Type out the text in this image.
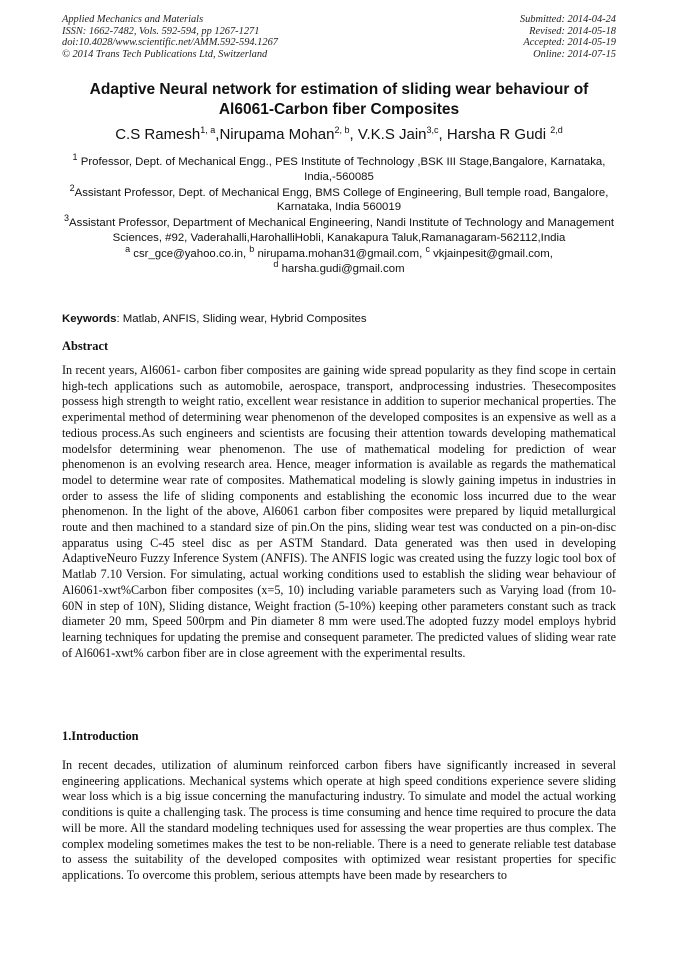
Applied Mechanics and Materials
ISSN: 1662-7482, Vols. 592-594, pp 1267-1271
doi:10.4028/www.scientific.net/AMM.592-594.1267
© 2014 Trans Tech Publications Ltd, Switzerland
Submitted: 2014-04-24
Revised: 2014-05-18
Accepted: 2014-05-19
Online: 2014-07-15
Adaptive Neural network for estimation of sliding wear behaviour of Al6061-Carbon fiber Composites
C.S Ramesh$^{1, a}$,Nirupama Mohan$^{2, b}$, V.K.S Jain$^{3,c}$, Harsha R Gudi $^{2,d}$

$^1$ Professor, Dept. of Mechanical Engg., PES Institute of Technology ,BSK III Stage,Bangalore, Karnataka, India,-560085

$^2$Assistant Professor, Dept. of Mechanical Engg, BMS College of Engineering, Bull temple road, Bangalore, Karnataka, India 560019

$^3$Assistant Professor, Department of Mechanical Engineering, Nandi Institute of Technology and Management Sciences, #92, Vaderahalli,HarohalliHobli, Kanakapura Taluk,Ramanagaram-562112,India

$^a$ csr_gce@yahoo.co.in, $^b$ nirupama.mohan31@gmail.com, $^c$ vkjainpesit@gmail.com,
$^d$ harsha.gudi@gmail.com

Keywords: Matlab, ANFIS, Sliding wear, Hybrid Composites
Abstract

In recent years, Al6061- carbon fiber composites are gaining wide spread popularity as they find scope in certain high-tech applications such as automobile, aerospace, transport, andprocessing industries. Thesecomposites possess high strength to weight ratio, excellent wear resistance in addition to superior mechanical properties. The experimental method of determining wear phenomenon of the developed composites is an expensive as well as a tedious process.As such engineers and scientists are focusing their attention towards developing mathematical modelsfor determining wear phenomenon. The use of mathematical modeling for prediction of wear phenomenon is an evolving research area. Hence, meager information is available as regards the mathematical model to determine wear rate of composites. Mathematical modeling is slowly gaining impetus in industries in order to assess the life of sliding components and establishing the economic loss incurred due to the wear phenomenon. In the light of the above, Al6061 carbon fiber composites were prepared by liquid metallurgical route and then machined to a standard size of pin.On the pins, sliding wear test was conducted on a pin-on-disc apparatus using C-45 steel disc as per ASTM Standard. Data generated was then used in developing AdaptiveNeuro Fuzzy Inference System (ANFIS). The ANFIS logic was created using the fuzzy logic tool box of Matlab 7.10 Version. For simulating, actual working conditions used to establish the sliding wear behaviour of Al6061-xwt%Carbon fiber composites (x=5, 10) including variable parameters such as Varying load (from 10-60N in step of 10N), Sliding distance, Weight fraction (5-10%) keeping other parameters constant such as track diameter 20 mm, Speed 500rpm and Pin diameter 8 mm were used.The adopted fuzzy model employs hybrid learning techniques for updating the premise and consequent parameter. The predicted values of sliding wear rate of Al6061-xwt% carbon fiber are in close agreement with the experimental results.

1.Introduction

In recent decades, utilization of aluminum reinforced carbon fibers have significantly increased in several engineering applications. Mechanical systems which operate at high speed conditions experience severe sliding wear loss which is a big issue concerning the manufacturing industry. To simulate and model the actual working conditions is quite a challenging task. The process is time consuming and hence time required to procure the data will be more. All the standard modeling techniques used for assessing the wear properties are thus complex. The complex modeling sometimes makes the test to be non-reliable. There is a need to generate reliable test database to assess the suitability of the developed composites with optimized wear resistant properties for specific applications. To overcome this problem, serious attempts have been made by researchers to
